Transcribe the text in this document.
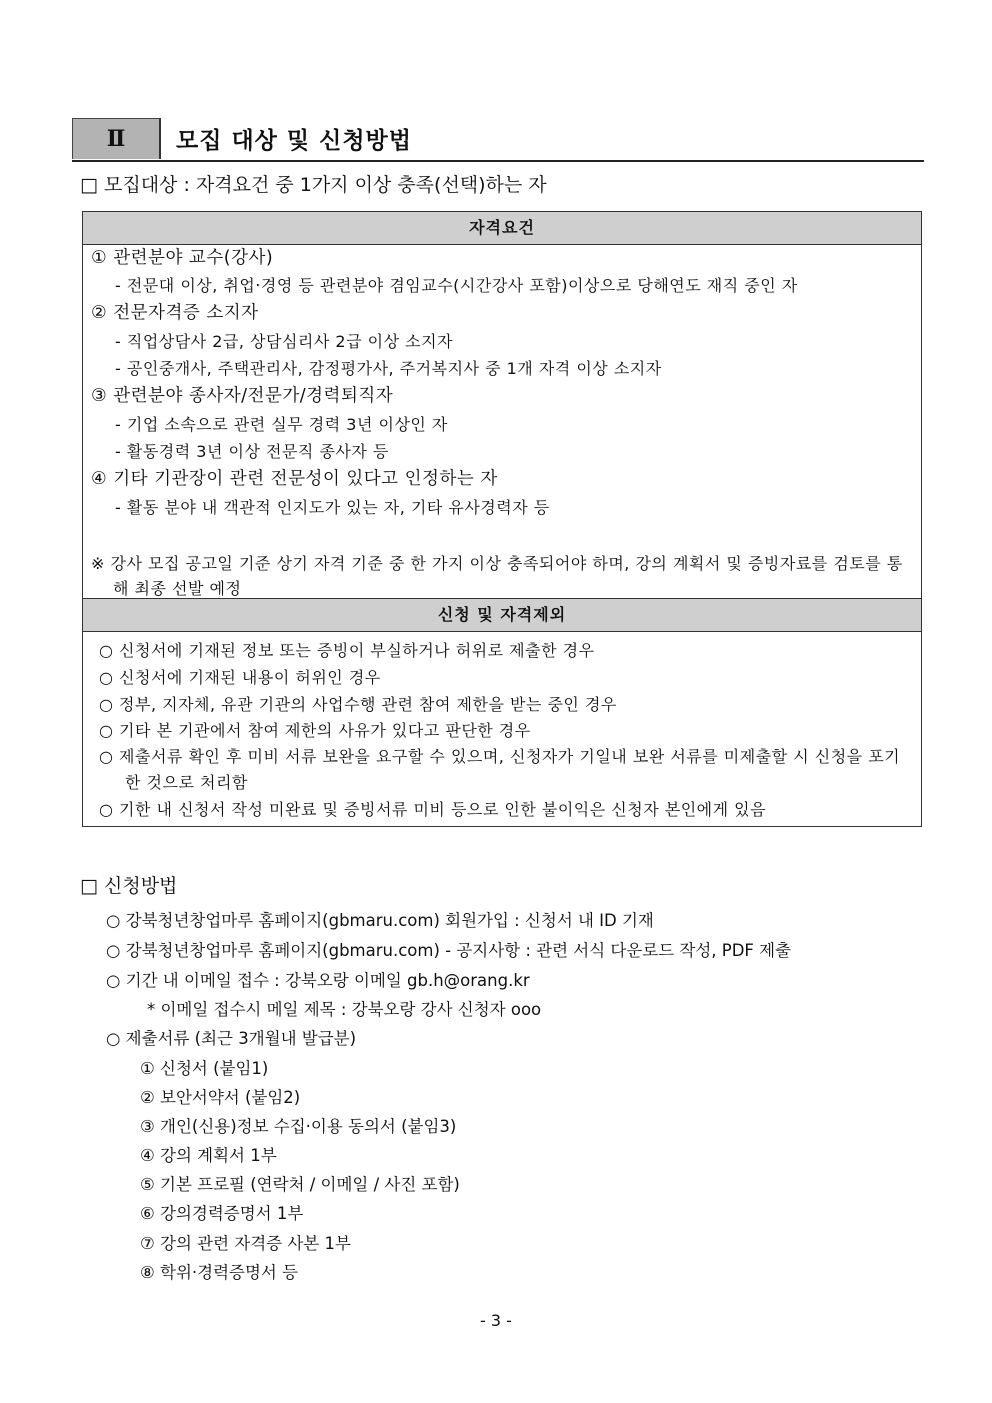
Ⅱ	모집 대상 및 신청방법
□ 모집대상 : 자격요건 중 1가지 이상 충족(선택)하는 자
자격요건
① 관련분야 교수(강사)
- 전문대 이상, 취업‧경영 등 관련분야 겸임교수(시간강사 포함)이상으로 당해연도 재직 중인 자
② 전문자격증 소지자
- 직업상담사 2급, 상담심리사 2급 이상 소지자
- 공인중개사, 주택관리사, 감정평가사, 주거복지사 중 1개 자격 이상 소지자
③ 관련분야 종사자/전문가/경력퇴직자
- 기업 소속으로 관련 실무 경력 3년 이상인 자
- 활동경력 3년 이상 전문직 종사자 등
④ 기타 기관장이 관련 전문성이 있다고 인정하는 자
- 활동 분야 내 객관적 인지도가 있는 자, 기타 유사경력자 등
※ 강사 모집 공고일 기준 상기 자격 기준 중 한 가지 이상 충족되어야 하며, 강의 계획서 및 증빙자료를 검토를 통해 최종 선발 예정
신청 및 자격제외
○ 신청서에 기재된 정보 또는 증빙이 부실하거나 허위로 제출한 경우
○ 신청서에 기재된 내용이 허위인 경우
○ 정부, 지자체, 유관 기관의 사업수행 관련 참여 제한을 받는 중인 경우
○ 기타 본 기관에서 참여 제한의 사유가 있다고 판단한 경우
○ 제출서류 확인 후 미비 서류 보완을 요구할 수 있으며, 신청자가 기일내 보완 서류를 미제출할 시 신청을 포기한 것으로 처리함
○ 기한 내 신청서 작성 미완료 및 증빙서류 미비 등으로 인한 불이익은 신청자 본인에게 있음
□ 신청방법
○ 강북청년창업마루 홈페이지(gbmaru.com) 회원가입 : 신청서 내 ID 기재
○ 강북청년창업마루 홈페이지(gbmaru.com) - 공지사항 : 관련 서식 다운로드 작성, PDF 제출
○ 기간 내 이메일 접수 : 강북오랑 이메일 gb.h@orang.kr
* 이메일 접수시 메일 제목 : 강북오랑 강사 신청자 ooo
○ 제출서류 (최근 3개월내 발급분)
① 신청서 (붙임1)
② 보안서약서 (붙임2)
③ 개인(신용)정보 수집‧이용 동의서 (붙임3)
④ 강의 계획서 1부
⑤ 기본 프로필 (연락처 / 이메일 / 사진 포함)
⑥ 강의경력증명서 1부
⑦ 강의 관련 자격증 사본 1부
⑧ 학위‧경력증명서 등
- 3 -
